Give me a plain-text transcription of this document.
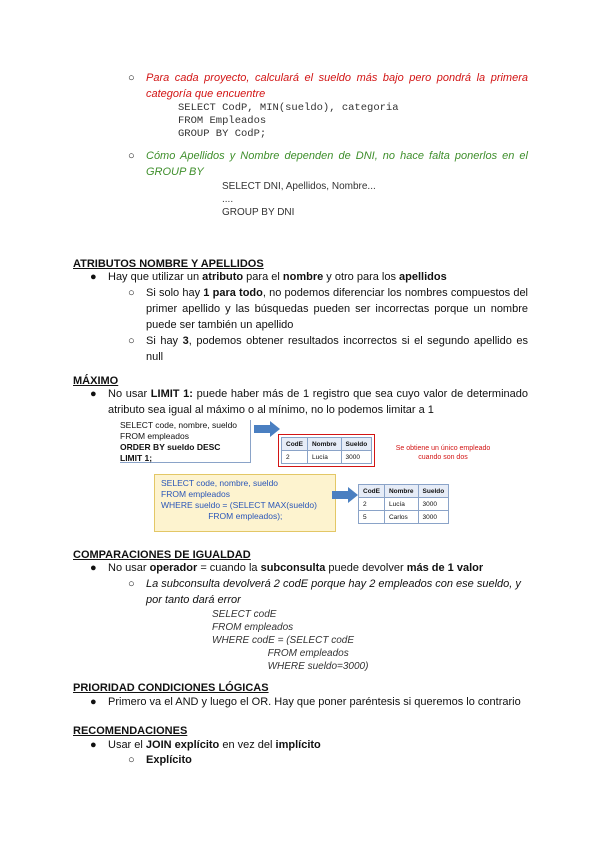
○ Para cada proyecto, calculará el sueldo más bajo pero pondrá la primera categoría que encuentre
SELECT CodP, MIN(sueldo), categoria
FROM Empleados
GROUP BY CodP;
○ Cómo Apellidos y Nombre dependen de DNI, no hace falta ponerlos en el GROUP BY
SELECT DNI, Apellidos, Nombre...
....
GROUP BY DNI
ATRIBUTOS NOMBRE Y APELLIDOS
● Hay que utilizar un atributo para el nombre y otro para los apellidos
○ Si solo hay 1 para todo, no podemos diferenciar los nombres compuestos del primer apellido y las búsquedas pueden ser incorrectas porque un nombre puede ser también un apellido
○ Si hay 3, podemos obtener resultados incorrectos si el segundo apellido es null
MÁXIMO
● No usar LIMIT 1: puede haber más de 1 registro que sea cuyo valor de determinado atributo sea igual al máximo o al mínimo, no lo podemos limitar a 1
SELECT code, nombre, sueldo
FROM empleados
ORDER BY sueldo DESC
LIMIT 1;
CodE	Nombre	Sueldo
2	Lucía	3000
Se obtiene un único empleado cuando son dos
SELECT code, nombre, sueldo
FROM empleados
WHERE sueldo = (SELECT MAX(sueldo)
FROM empleados);
CodE	Nombre	Sueldo
2	Lucía	3000
5	Carlos	3000
COMPARACIONES DE IGUALDAD
● No usar operador = cuando la subconsulta puede devolver más de 1 valor
○ La subconsulta devolverá 2 codE porque hay 2 empleados con ese sueldo, y por tanto dará error
SELECT codE
FROM empleados
WHERE codE = (SELECT codE
FROM empleados
WHERE sueldo=3000)
PRIORIDAD CONDICIONES LÓGICAS
● Primero va el AND y luego el OR. Hay que poner paréntesis si queremos lo contrario
RECOMENDACIONES
● Usar el JOIN explícito en vez del implícito
○ Explícito
